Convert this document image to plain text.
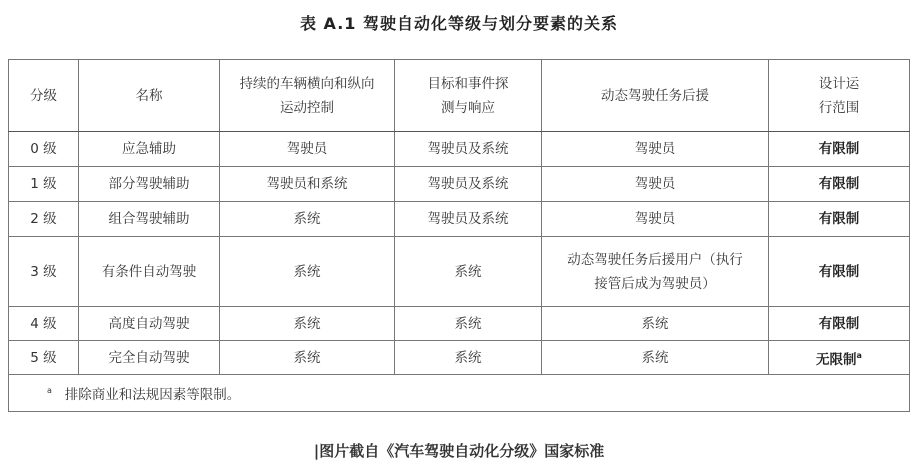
表 A.1 驾驶自动化等级与划分要素的关系
分级	名称	持续的车辆横向和纵向运动控制	目标和事件探测与响应	动态驾驶任务后援	设计运行范围
0 级	应急辅助	驾驶员	驾驶员及系统	驾驶员	有限制
1 级	部分驾驶辅助	驾驶员和系统	驾驶员及系统	驾驶员	有限制
2 级	组合驾驶辅助	系统	驾驶员及系统	驾驶员	有限制
3 级	有条件自动驾驶	系统	系统	动态驾驶任务后援用户（执行接管后成为驾驶员）	有限制
4 级	高度自动驾驶	系统	系统	系统	有限制
5 级	完全自动驾驶	系统	系统	系统	无限制$^a$
$^a$ 排除商业和法规因素等限制。					
|图片截自《汽车驾驶自动化分级》国家标准
